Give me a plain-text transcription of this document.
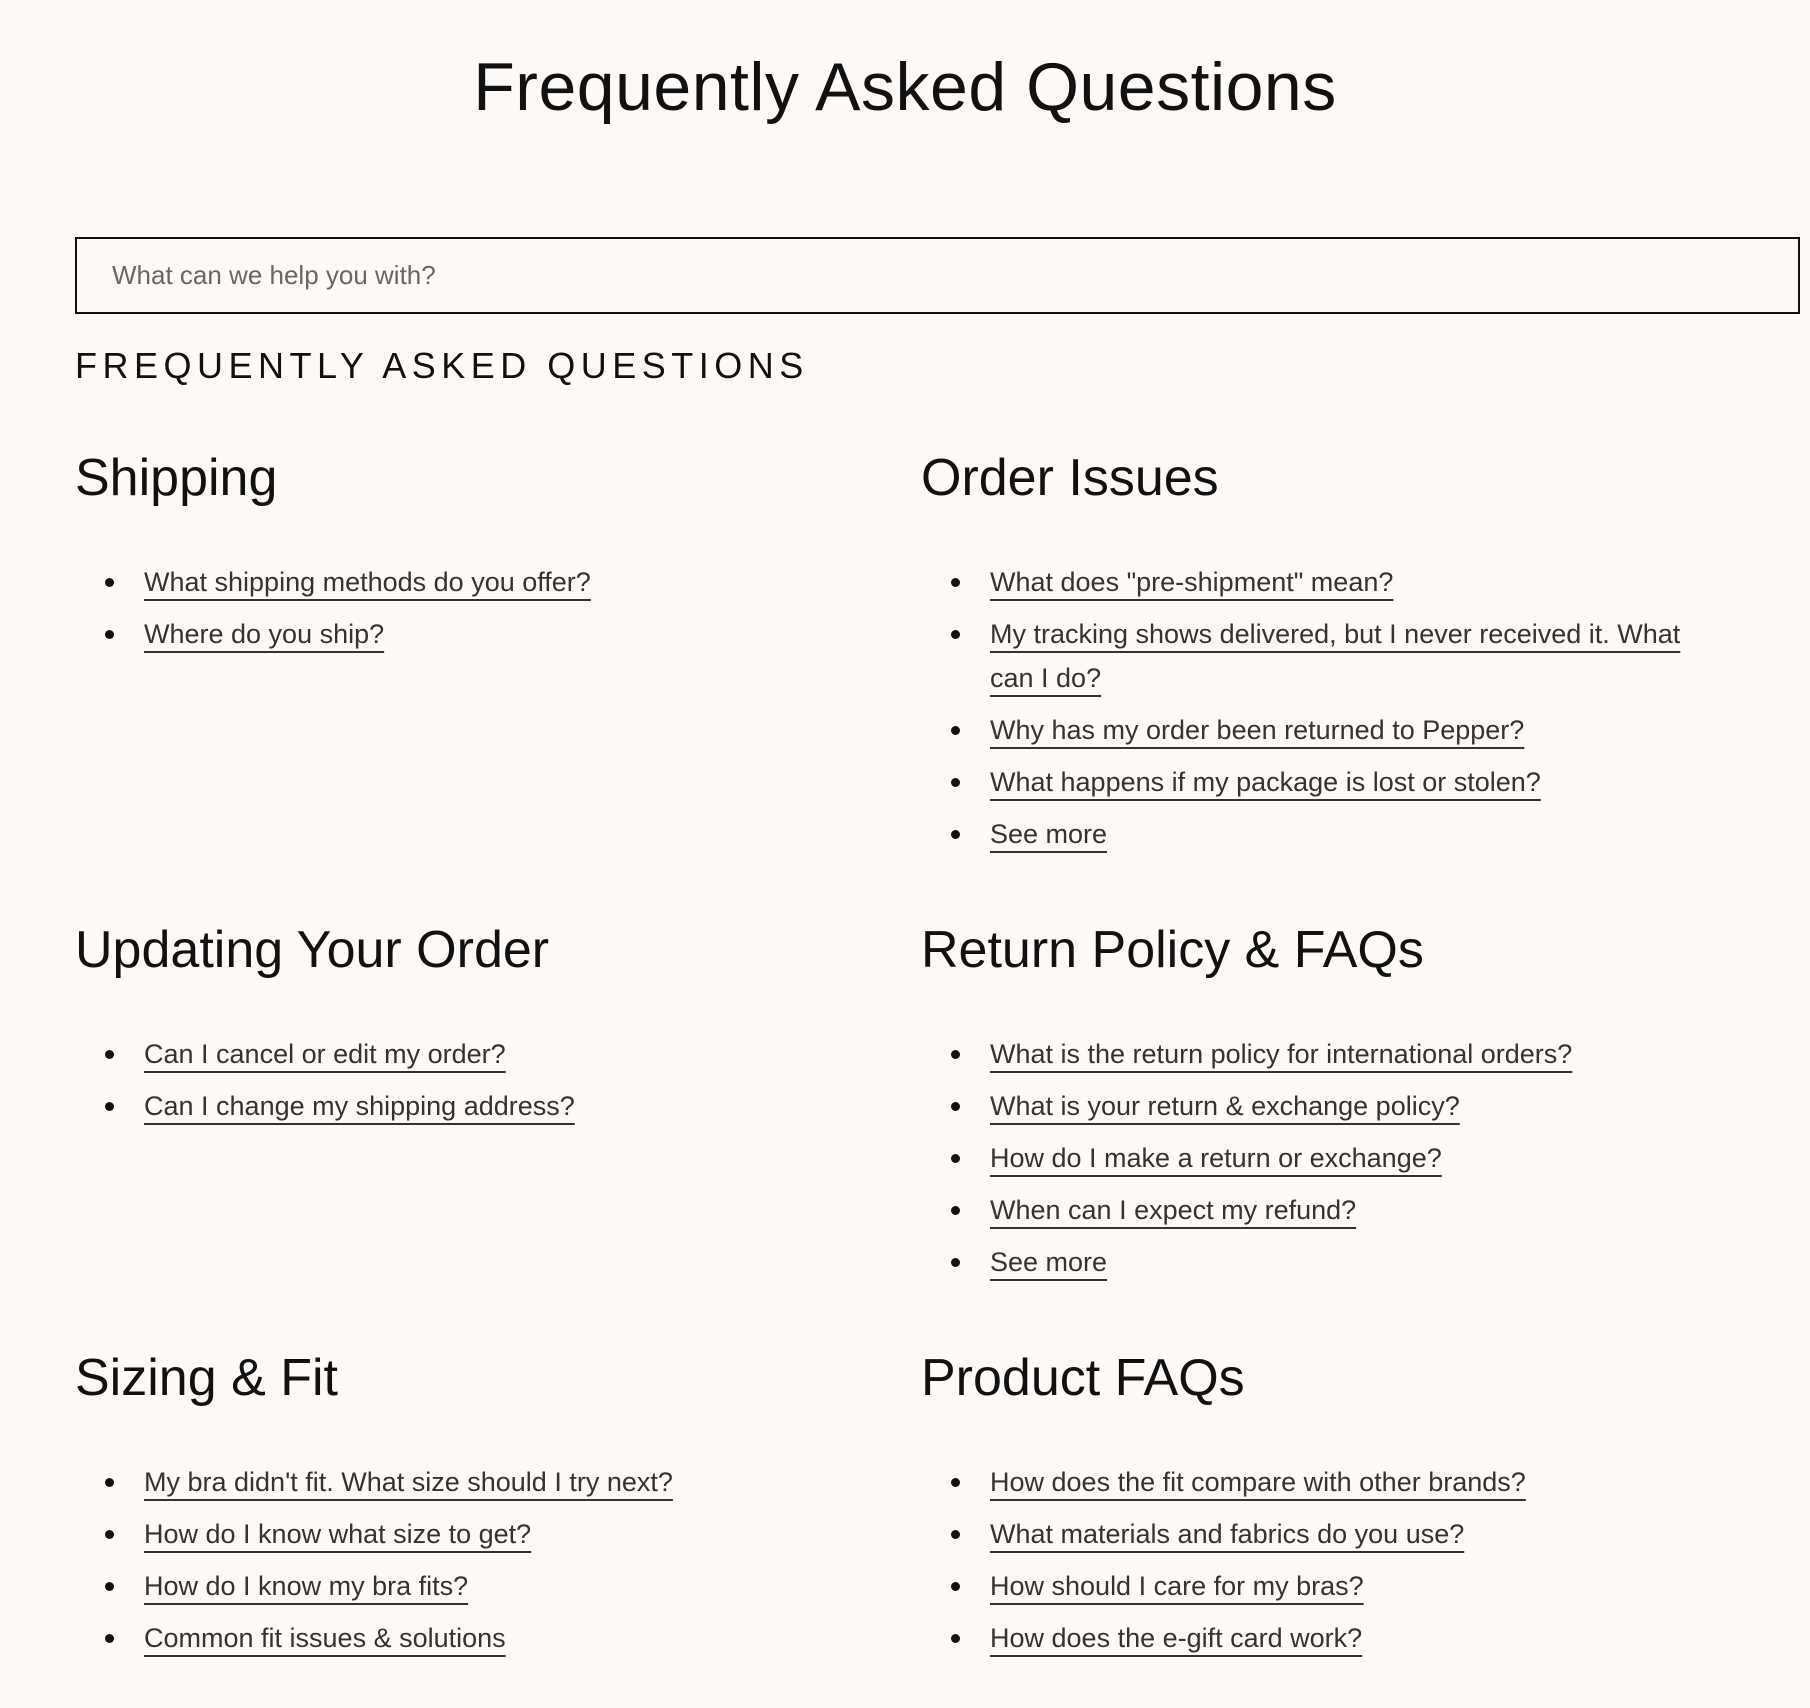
Frequently Asked Questions
What can we help you with?
FREQUENTLY ASKED QUESTIONS
Shipping
What shipping methods do you offer?
Where do you ship?
Order Issues
What does "pre-shipment" mean?
My tracking shows delivered, but I never received it. What can I do?
Why has my order been returned to Pepper?
What happens if my package is lost or stolen?
See more
Updating Your Order
Can I cancel or edit my order?
Can I change my shipping address?
Return Policy & FAQs
What is the return policy for international orders?
What is your return & exchange policy?
How do I make a return or exchange?
When can I expect my refund?
See more
Sizing & Fit
My bra didn't fit. What size should I try next?
How do I know what size to get?
How do I know my bra fits?
Common fit issues & solutions
Product FAQs
How does the fit compare with other brands?
What materials and fabrics do you use?
How should I care for my bras?
How does the e-gift card work?
